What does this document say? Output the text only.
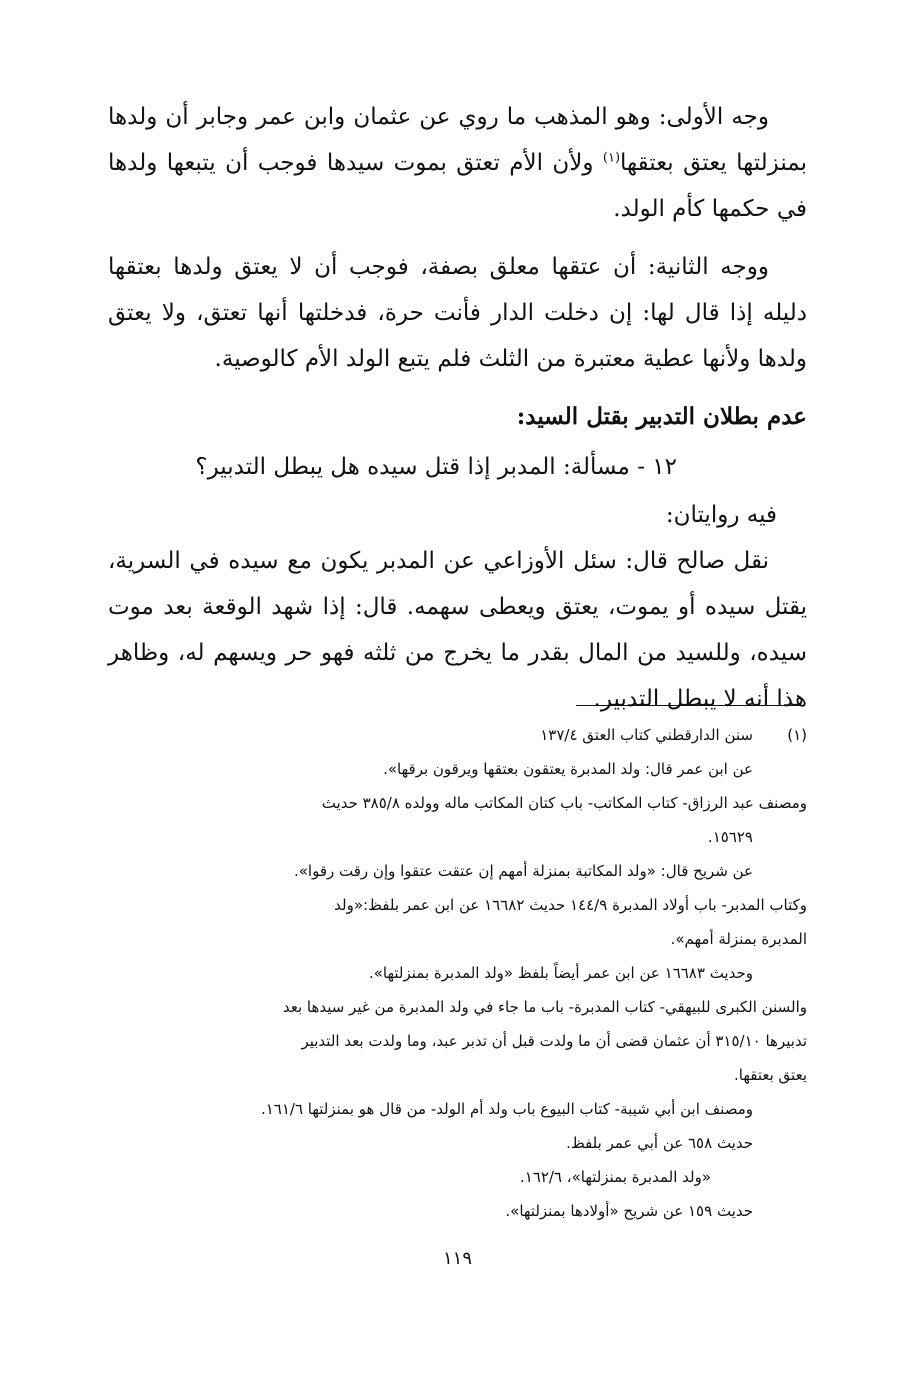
وجه الأولى: وهو المذهب ما روي عن عثمان وابن عمر وجابر أن ولدها بمنزلتها يعتق بعتقها$^{(١)}$ ولأن الأم تعتق بموت سيدها فوجب أن يتبعها ولدها في حكمها كأم الولد.

ووجه الثانية: أن عتقها معلق بصفة، فوجب أن لا يعتق ولدها بعتقها دليله إذا قال لها: إن دخلت الدار فأنت حرة، فدخلتها أنها تعتق، ولا يعتق ولدها ولأنها عطية معتبرة من الثلث فلم يتبع الولد الأم كالوصية.

عدم بطلان التدبير بقتل السيد:

١٢ - مسألة: المدبر إذا قتل سيده هل يبطل التدبير؟

فيه روايتان:

نقل صالح قال: سئل الأوزاعي عن المدبر يكون مع سيده في السرية، يقتل سيده أو يموت، يعتق ويعطى سهمه. قال: إذا شهد الوقعة بعد موت سيده، وللسيد من المال بقدر ما يخرج من ثلثه فهو حر ويسهم له، وظاهر هذا أنه لا يبطل التدبير.

(١)
سنن الدارقطني كتاب العتق ١٣٧/٤
عن ابن عمر قال: ولد المدبرة يعتقون بعتقها ويرقون برقها».
ومصنف عبد الرزاق- كتاب المكاتب- باب كتان المكاتب ماله وولده ٣٨٥/٨ حديث
١٥٦٢٩.
عن شريح قال: «ولد المكاتبة بمنزلة أمهم إن عتقت عتقوا وإن رقت رقوا».
وكتاب المدبر- باب أولاد المدبرة ١٤٤/٩ حديث ١٦٦٨٢ عن ابن عمر بلفظ:«ولد
المدبرة بمنزلة أمهم».
وحديث ١٦٦٨٣ عن ابن عمر أيضاً بلفظ «ولد المدبرة بمنزلتها».
والسنن الكبرى للبيهقي- كتاب المدبرة- باب ما جاء في ولد المدبرة من غير سيدها بعد
تدبيرها ٣١٥/١٠ أن عثمان قضى أن ما ولدت قبل أن تدبر عبد، وما ولدت بعد التدبير
يعتق بعتقها.
ومصنف ابن أبي شيبة- كتاب البيوع باب ولد أم الولد- من قال هو بمنزلتها ١٦١/٦.
حديث ٦٥٨ عن أبي عمر بلفظ.
«ولد المدبرة بمنزلتها»، ١٦٢/٦.
حديث ١٥٩ عن شريح «أولادها بمنزلتها».
١١٩
